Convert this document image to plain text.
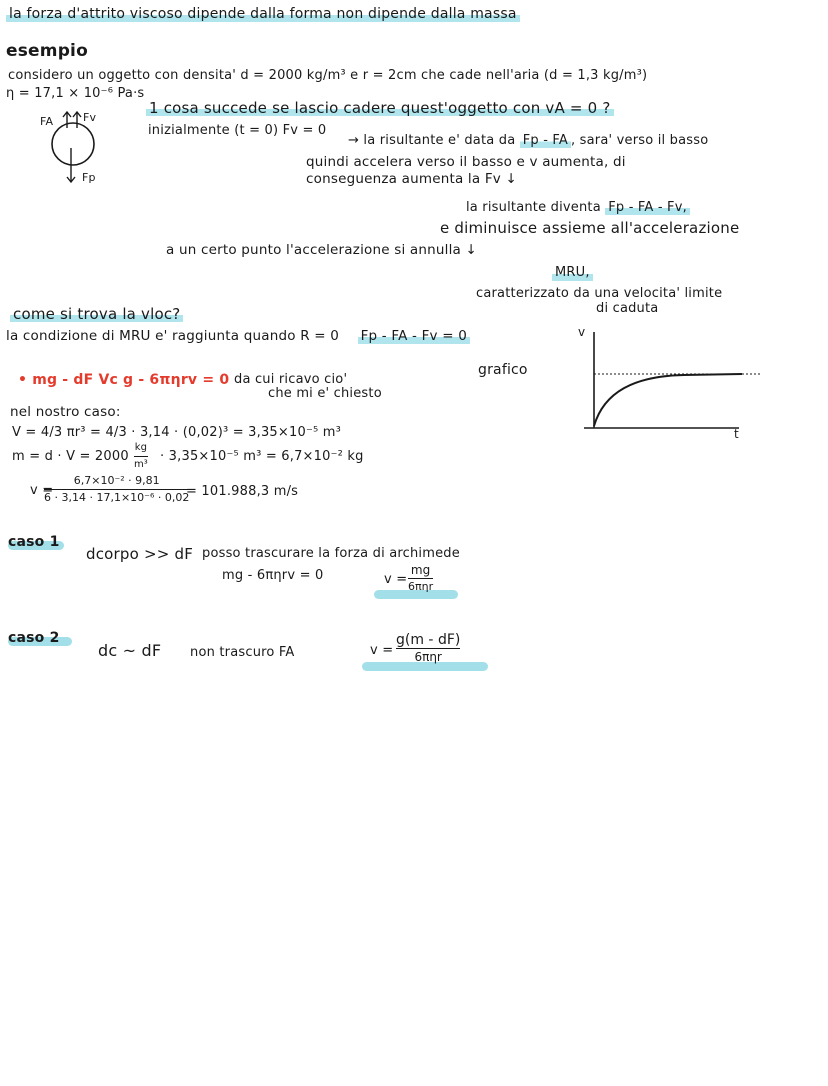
la forza d'attrito viscoso dipende dalla forma non dipende dalla massa
esempio
considero un oggetto con densita' d = 2000 kg/m³ e r = 2cm che cade nell'aria (d = 1,3 kg/m³)
η = 17,1 × 10⁻⁶ Pa·s
FA	Fv
Fp
1 cosa succede se lascio cadere quest'oggetto con vA = 0 ?
inizialmente (t = 0) Fv = 0
→ la risultante e' data da Fp - FA , sara' verso il basso
quindi accelera verso il basso e v aumenta, di
conseguenza aumenta la Fv ↓
la risultante diventa Fp - FA - Fv,
e diminuisce assieme all'accelerazione
a un certo punto l'accelerazione si annulla ↓
MRU,
caratterizzato da una velocita' limite
di caduta
come si trova la vloc?
la condizione di MRU e' raggiunta quando R = 0 Fp - FA - Fv = 0
grafico
v
t
• mg - dF Vc g - 6πηrv = 0 da cui ricavo cio'
che mi e' chiesto
nel nostro caso:
V = 4/3 πr³ = 4/3 · 3,14 · (0,02)³ = 3,35×10⁻⁵ m³
m = d · V = 2000
kg
m³
· 3,35×10⁻⁵ m³ = 6,7×10⁻² kg
v =
6,7×10⁻² · 9,81
6 · 3,14 · 17,1×10⁻⁶ · 0,02
= 101.988,3 m/s
caso 1
dcorpo >> dF posso trascurare la forza di archimede
mg - 6πηrv = 0	v =
mg
6πηr
caso 2
dc ~ dF non trascuro FA	v =
g(m - dF)
6πηr
